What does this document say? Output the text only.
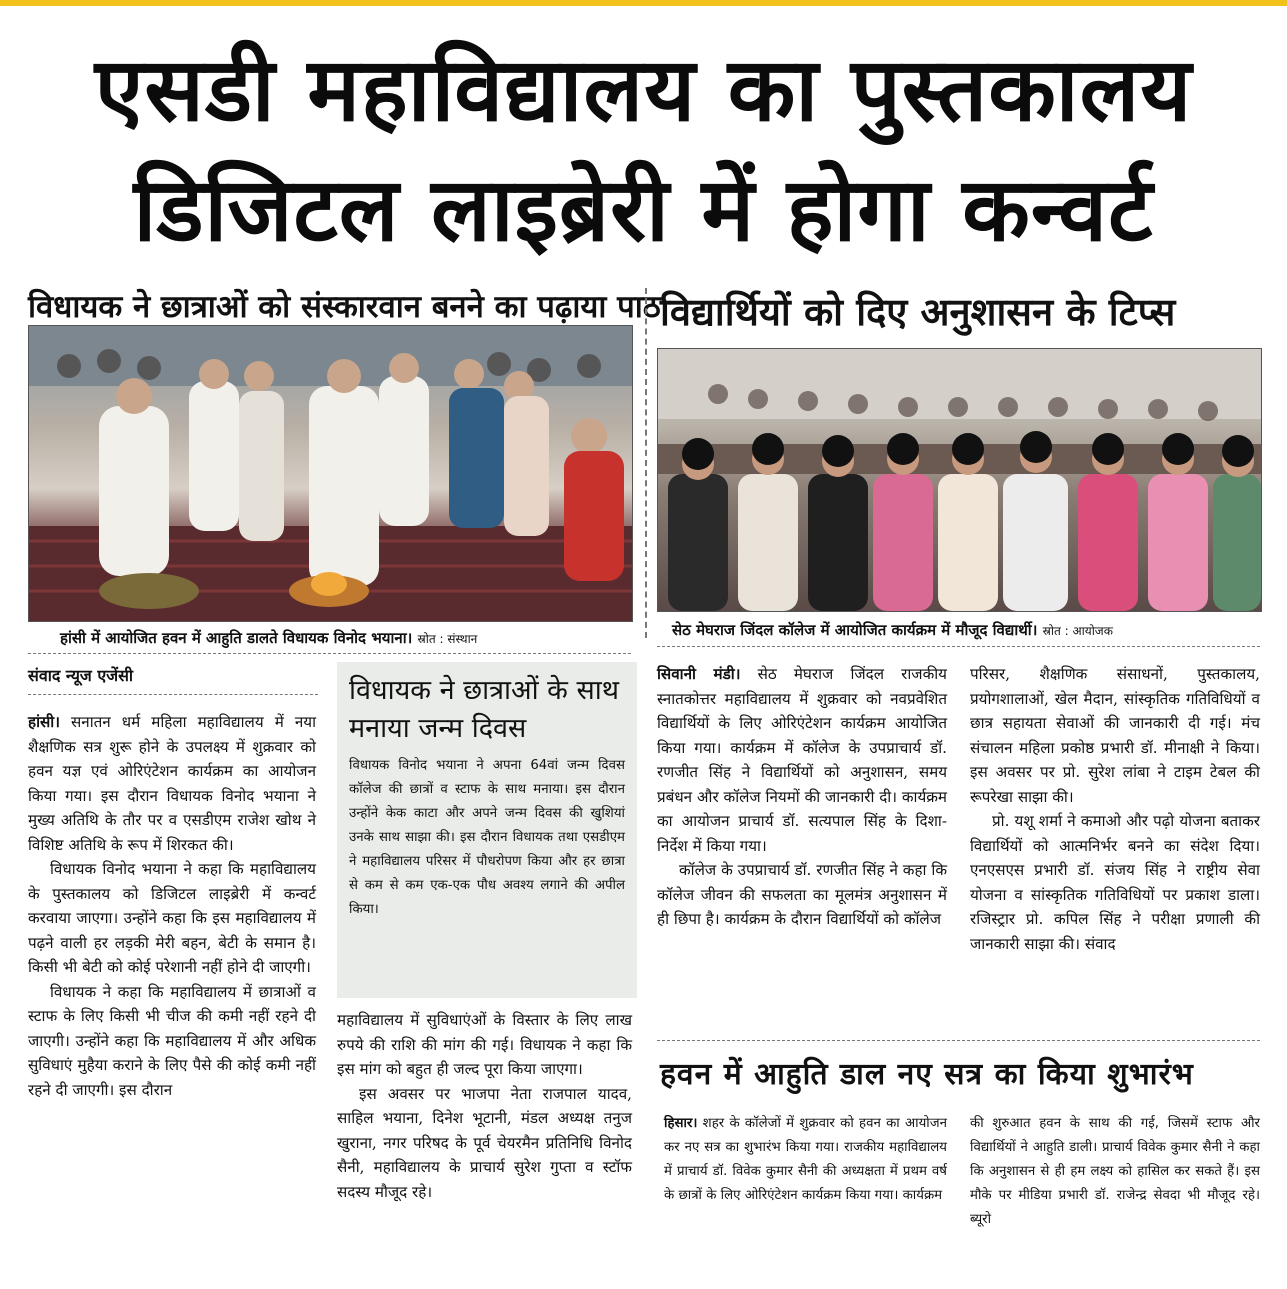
एसडी महाविद्यालय का पुस्तकालय
डिजिटल लाइब्रेरी में होगा कन्वर्ट
विधायक ने छात्राओं को संस्कारवान बनने का पढ़ाया पाठ विद्यार्थियों को दिए अनुशासन के टिप्स
हांसी में आयोजित हवन में आहुति डालते विधायक विनोद भयाना। स्रोत : संस्थान	सेठ मेघराज जिंदल कॉलेज में आयोजित कार्यक्रम में मौजूद विद्यार्थी। स्रोत : आयोजक
संवाद न्यूज एजेंसी

हांसी। सनातन धर्म महिला महाविद्यालय में नया शैक्षणिक सत्र शुरू होने के उपलक्ष्य में शुक्रवार को हवन यज्ञ एवं ओरिएंटेशन कार्यक्रम का आयोजन किया गया। इस दौरान विधायक विनोद भयाना ने मुख्य अतिथि के तौर पर व एसडीएम राजेश खोथ ने विशिष्ट अतिथि के रूप में शिरकत की।

विधायक विनोद भयाना ने कहा कि महाविद्यालय के पुस्तकालय को डिजिटल लाइब्रेरी में कन्वर्ट करवाया जाएगा। उन्होंने कहा कि इस महाविद्यालय में पढ़ने वाली हर लड़की मेरी बहन, बेटी के समान है। किसी भी बेटी को कोई परेशानी नहीं होने दी जाएगी।

विधायक ने कहा कि महाविद्यालय में छात्राओं व स्टाफ के लिए किसी भी चीज की कमी नहीं रहने दी जाएगी। उन्होंने कहा कि महाविद्यालय में और अधिक सुविधाएं मुहैया कराने के लिए पैसे की कोई कमी नहीं रहने दी जाएगी। इस दौरान

विधायक ने छात्राओं के साथ मनाया जन्म दिवस
विधायक विनोद भयाना ने अपना 64वां जन्म दिवस कॉलेज की छात्रों व स्टाफ के साथ मनाया। इस दौरान उन्होंने केक काटा और अपने जन्म दिवस की खुशियां उनके साथ साझा की। इस दौरान विधायक तथा एसडीएम ने महाविद्यालय परिसर में पौधरोपण किया और हर छात्रा से कम से कम एक-एक पौध अवश्य लगाने की अपील किया।

महाविद्यालय में सुविधाएंओं के विस्तार के लिए लाख रुपये की राशि की मांग की गई। विधायक ने कहा कि इस मांग को बहुत ही जल्द पूरा किया जाएगा।

इस अवसर पर भाजपा नेता राजपाल यादव, साहिल भयाना, दिनेश भूटानी, मंडल अध्यक्ष तनुज खुराना, नगर परिषद के पूर्व चेयरमैन प्रतिनिधि विनोद सैनी, महाविद्यालय के प्राचार्य सुरेश गुप्ता व स्टॉफ सदस्य मौजूद रहे।

सिवानी मंडी। सेठ मेघराज जिंदल राजकीय स्नातकोत्तर महाविद्यालय में शुक्रवार को नवप्रवेशित विद्यार्थियों के लिए ओरिएंटेशन कार्यक्रम आयोजित किया गया। कार्यक्रम में कॉलेज के उपप्राचार्य डॉ. रणजीत सिंह ने विद्यार्थियों को अनुशासन, समय प्रबंधन और कॉलेज नियमों की जानकारी दी। कार्यक्रम का आयोजन प्राचार्य डॉ. सत्यपाल सिंह के दिशा-निर्देश में किया गया।

कॉलेज के उपप्राचार्य डॉ. रणजीत सिंह ने कहा कि कॉलेज जीवन की सफलता का मूलमंत्र अनुशासन में ही छिपा है। कार्यक्रम के दौरान विद्यार्थियों को कॉलेज

परिसर, शैक्षणिक संसाधनों, पुस्तकालय, प्रयोगशालाओं, खेल मैदान, सांस्कृतिक गतिविधियों व छात्र सहायता सेवाओं की जानकारी दी गई। मंच संचालन महिला प्रकोष्ठ प्रभारी डॉ. मीनाक्षी ने किया। इस अवसर पर प्रो. सुरेश लांबा ने टाइम टेबल की रूपरेखा साझा की।

प्रो. यशू शर्मा ने कमाओ और पढ़ो योजना बताकर विद्यार्थियों को आत्मनिर्भर बनने का संदेश दिया। एनएसएस प्रभारी डॉ. संजय सिंह ने राष्ट्रीय सेवा योजना व सांस्कृतिक गतिविधियों पर प्रकाश डाला। रजिस्ट्रार प्रो. कपिल सिंह ने परीक्षा प्रणाली की जानकारी साझा की। संवाद

हवन में आहुति डाल नए सत्र का किया शुभारंभ

हिसार। शहर के कॉलेजों में शुक्रवार को हवन का आयोजन कर नए सत्र का शुभारंभ किया गया। राजकीय महाविद्यालय में प्राचार्य डॉ. विवेक कुमार सैनी की अध्यक्षता में प्रथम वर्ष के छात्रों के लिए ओरिएंटेशन कार्यक्रम किया गया। कार्यक्रम

की शुरुआत हवन के साथ की गई, जिसमें स्टाफ और विद्यार्थियों ने आहुति डाली। प्राचार्य विवेक कुमार सैनी ने कहा कि अनुशासन से ही हम लक्ष्य को हासिल कर सकते हैं। इस मौके पर मीडिया प्रभारी डॉ. राजेन्द्र सेवदा भी मौजूद रहे। ब्यूरो
